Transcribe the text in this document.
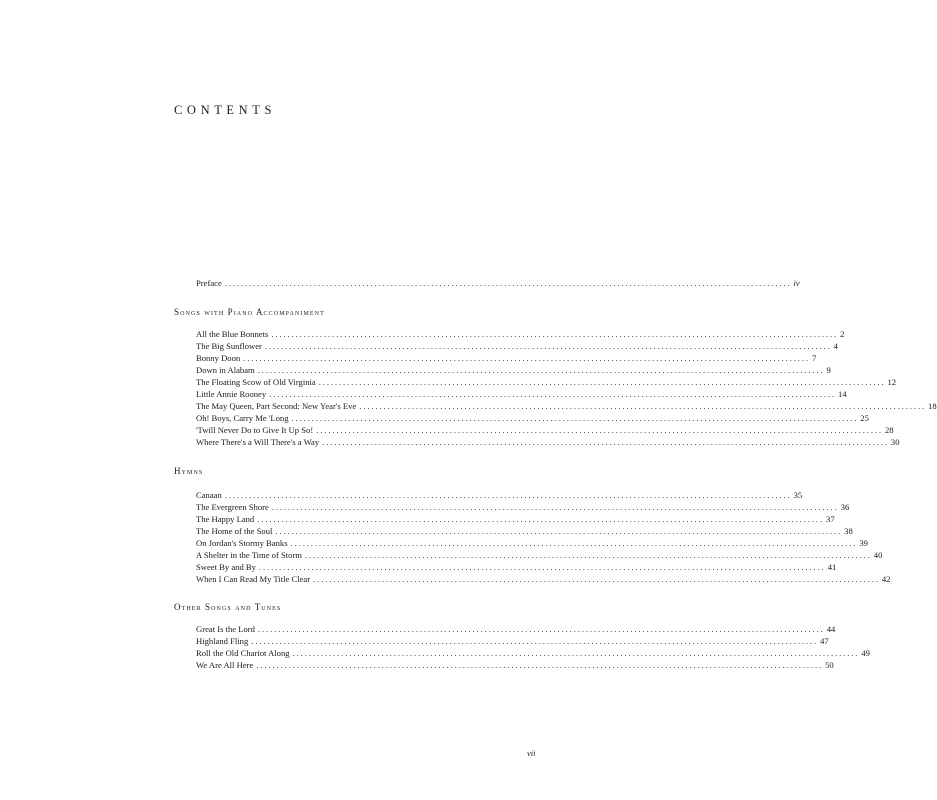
CONTENTS
Preface ............................................................................................................................................ iv
Songs with Piano Accompaniment
All the Blue Bonnets ............................................................................................................................................ 2
The Big Sunflower ............................................................................................................................................ 4
Bonny Doon ............................................................................................................................................ 7
Down in Alabam ............................................................................................................................................ 9
The Floating Scow of Old Virginia ............................................................................................................................................ 12
Little Annie Rooney ............................................................................................................................................ 14
The May Queen, Part Second: New Year's Eve ............................................................................................................................................ 18
Oh! Boys, Carry Me 'Long ............................................................................................................................................ 25
'Twill Never Do to Give It Up So! ............................................................................................................................................ 28
Where There's a Will There's a Way ............................................................................................................................................ 30
Hymns
Canaan ............................................................................................................................................ 35
The Evergreen Shore ............................................................................................................................................ 36
The Happy Land ............................................................................................................................................ 37
The Home of the Soul ............................................................................................................................................ 38
On Jordan's Stormy Banks ............................................................................................................................................ 39
A Shelter in the Time of Storm ............................................................................................................................................ 40
Sweet By and By ............................................................................................................................................ 41
When I Can Read My Title Clear ............................................................................................................................................ 42
Other Songs and Tunes
Great Is the Lord ............................................................................................................................................ 44
Highland Fling ............................................................................................................................................ 47
Roll the Old Chariot Along ............................................................................................................................................ 49
We Are All Here ............................................................................................................................................ 50
vii
